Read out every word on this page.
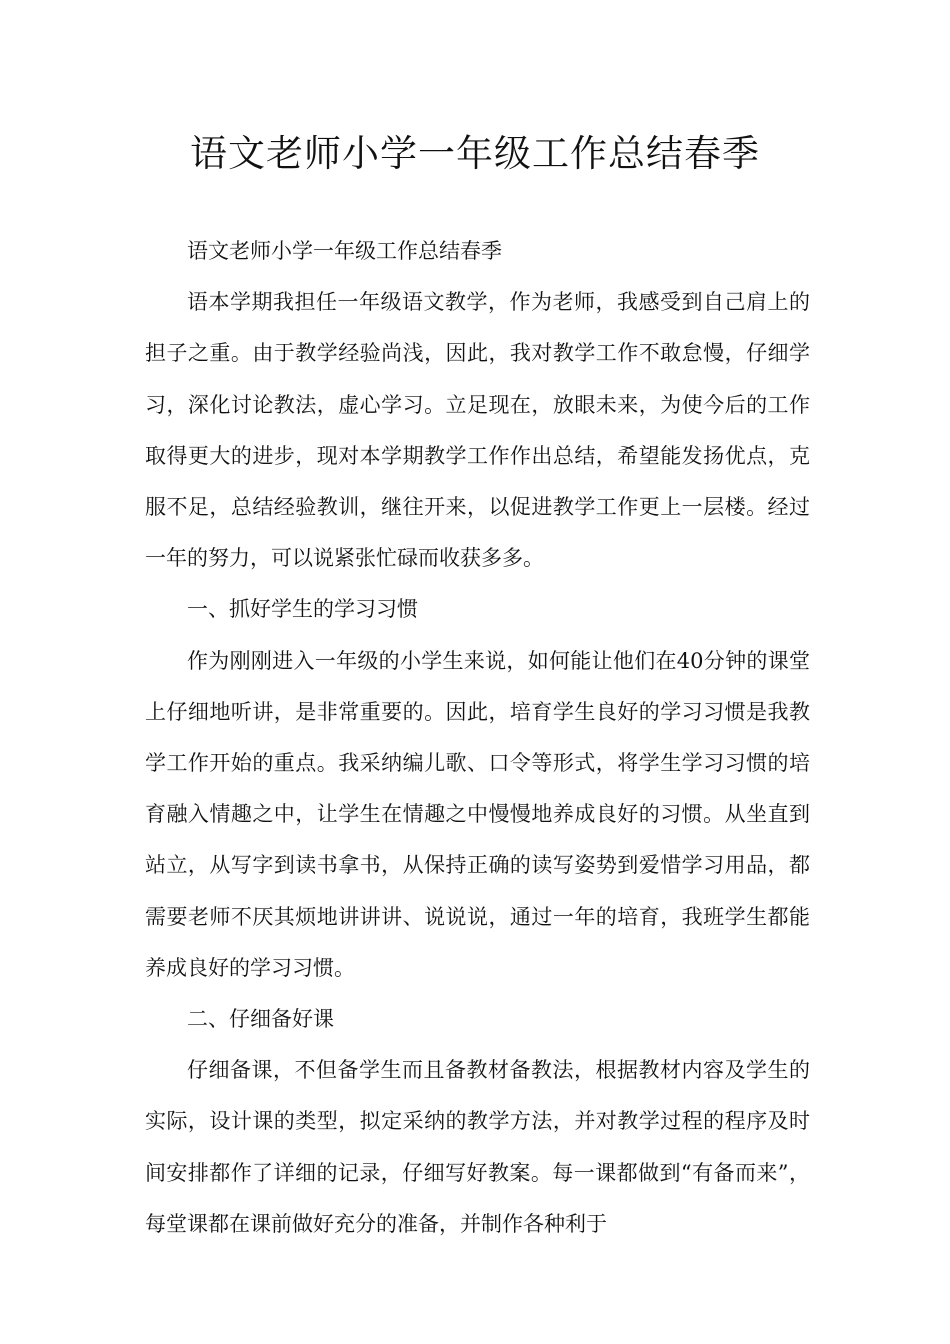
语文老师小学一年级工作总结春季

语文老师小学一年级工作总结春季

语本学期我担任一年级语文教学，作为老师，我感受到自己肩上的担子之重。由于教学经验尚浅，因此，我对教学工作不敢怠慢，仔细学习，深化讨论教法，虚心学习。立足现在，放眼未来，为使今后的工作取得更大的进步，现对本学期教学工作作出总结，希望能发扬优点，克服不足，总结经验教训，继往开来，以促进教学工作更上一层楼。经过一年的努力，可以说紧张忙碌而收获多多。

一、抓好学生的学习习惯

作为刚刚进入一年级的小学生来说，如何能让他们在40分钟的课堂上仔细地听讲，是非常重要的。因此，培育学生良好的学习习惯是我教学工作开始的重点。我采纳编儿歌、口令等形式，将学生学习习惯的培育融入情趣之中，让学生在情趣之中慢慢地养成良好的习惯。从坐直到站立，从写字到读书拿书，从保持正确的读写姿势到爱惜学习用品，都需要老师不厌其烦地讲讲讲、说说说，通过一年的培育，我班学生都能养成良好的学习习惯。

二、仔细备好课

仔细备课，不但备学生而且备教材备教法，根据教材内容及学生的实际，设计课的类型，拟定采纳的教学方法，并对教学过程的程序及时间安排都作了详细的记录，仔细写好教案。每一课都做到“有备而来”，每堂课都在课前做好充分的准备，并制作各种利于
